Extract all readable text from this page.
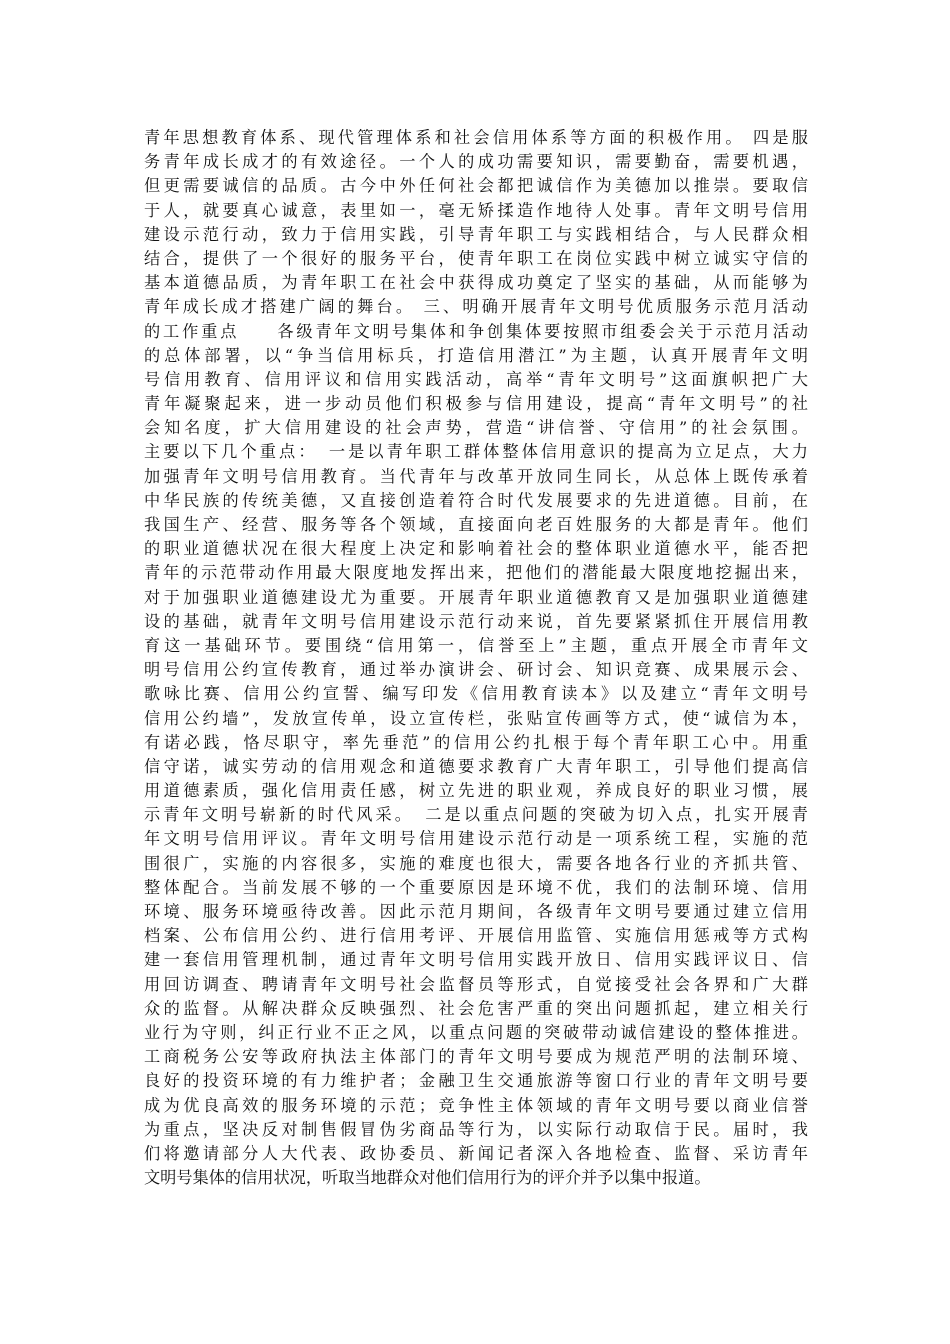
青年思想教育体系、现代管理体系和社会信用体系等方面的积极作用。 四是服
务青年成长成才的有效途径。一个人的成功需要知识，需要勤奋，需要机遇，
但更需要诚信的品质。古今中外任何社会都把诚信作为美德加以推崇。要取信
于人，就要真心诚意，表里如一，毫无矫揉造作地待人处事。青年文明号信用
建设示范行动，致力于信用实践，引导青年职工与实践相结合，与人民群众相
结合，提供了一个很好的服务平台，使青年职工在岗位实践中树立诚实守信的
基本道德品质，为青年职工在社会中获得成功奠定了坚实的基础，从而能够为
青年成长成才搭建广阔的舞台。 三、明确开展青年文明号优质服务示范月活动
的工作重点　　各级青年文明号集体和争创集体要按照市组委会关于示范月活动
的总体部署，以“争当信用标兵，打造信用潜江”为主题，认真开展青年文明
号信用教育、信用评议和信用实践活动，高举“青年文明号”这面旗帜把广大
青年凝聚起来，进一步动员他们积极参与信用建设，提高“青年文明号”的社
会知名度，扩大信用建设的社会声势，营造“讲信誉、守信用”的社会氛围。
主要以下几个重点：　一是以青年职工群体整体信用意识的提高为立足点，大力
加强青年文明号信用教育。当代青年与改革开放同生同长，从总体上既传承着
中华民族的传统美德，又直接创造着符合时代发展要求的先进道德。目前，在
我国生产、经营、服务等各个领域，直接面向老百姓服务的大都是青年。他们
的职业道德状况在很大程度上决定和影响着社会的整体职业道德水平，能否把
青年的示范带动作用最大限度地发挥出来，把他们的潜能最大限度地挖掘出来，
对于加强职业道德建设尤为重要。开展青年职业道德教育又是加强职业道德建
设的基础，就青年文明号信用建设示范行动来说，首先要紧紧抓住开展信用教
育这一基础环节。要围绕“信用第一，信誉至上”主题，重点开展全市青年文
明号信用公约宣传教育，通过举办演讲会、研讨会、知识竞赛、成果展示会、
歌咏比赛、信用公约宣誓、编写印发《信用教育读本》以及建立“青年文明号
信用公约墙”，发放宣传单，设立宣传栏，张贴宣传画等方式，使“诚信为本，
有诺必践，恪尽职守，率先垂范”的信用公约扎根于每个青年职工心中。用重
信守诺，诚实劳动的信用观念和道德要求教育广大青年职工，引导他们提高信
用道德素质，强化信用责任感，树立先进的职业观，养成良好的职业习惯，展
示青年文明号崭新的时代风采。　二是以重点问题的突破为切入点，扎实开展青
年文明号信用评议。青年文明号信用建设示范行动是一项系统工程，实施的范
围很广，实施的内容很多，实施的难度也很大，需要各地各行业的齐抓共管、
整体配合。当前发展不够的一个重要原因是环境不优，我们的法制环境、信用
环境、服务环境亟待改善。因此示范月期间，各级青年文明号要通过建立信用
档案、公布信用公约、进行信用考评、开展信用监管、实施信用惩戒等方式构
建一套信用管理机制，通过青年文明号信用实践开放日、信用实践评议日、信
用回访调查、聘请青年文明号社会监督员等形式，自觉接受社会各界和广大群
众的监督。从解决群众反映强烈、社会危害严重的突出问题抓起，建立相关行
业行为守则，纠正行业不正之风，以重点问题的突破带动诚信建设的整体推进。
工商税务公安等政府执法主体部门的青年文明号要成为规范严明的法制环境、
良好的投资环境的有力维护者；金融卫生交通旅游等窗口行业的青年文明号要
成为优良高效的服务环境的示范；竞争性主体领域的青年文明号要以商业信誉
为重点，坚决反对制售假冒伪劣商品等行为，以实际行动取信于民。届时，我
们将邀请部分人大代表、政协委员、新闻记者深入各地检查、监督、采访青年
文明号集体的信用状况，听取当地群众对他们信用行为的评介并予以集中报道。
